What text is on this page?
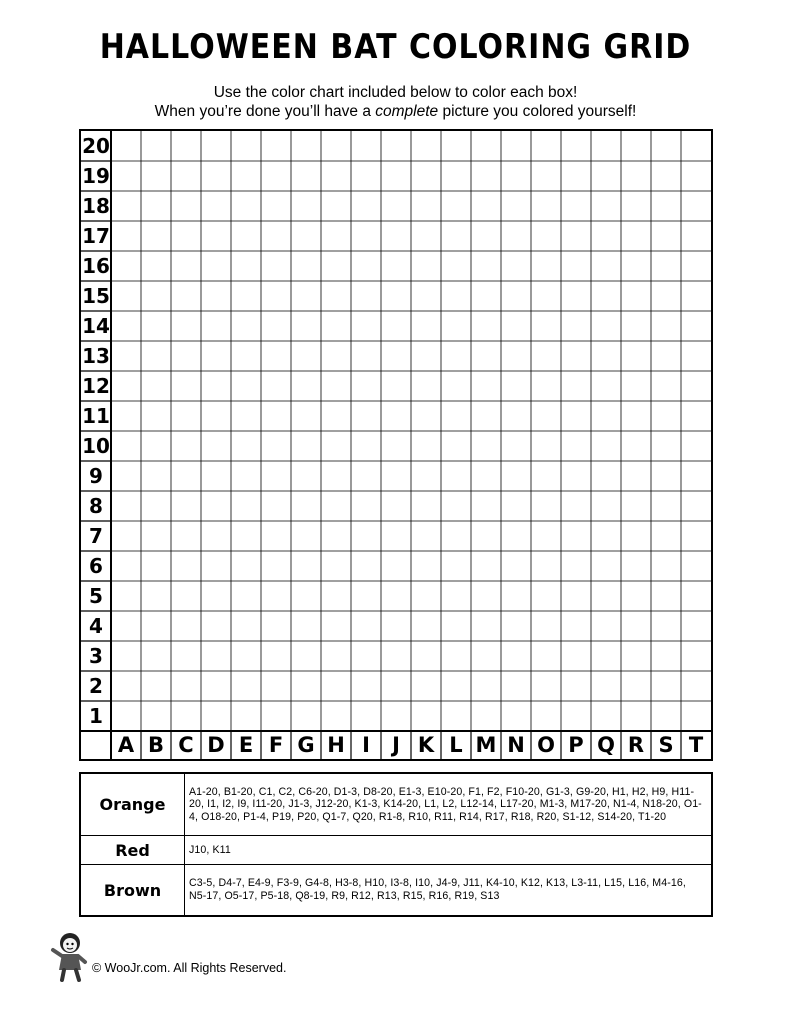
HALLOWEEN BAT COLORING GRID
Use the color chart included below to color each box!
When you’re done you’ll have a complete picture you colored yourself!
20
19
18
17
16
15
14
13
12
11
10
9
8
7
6
5
4
3
2
1
A B C D E F G H I	J K L M N O P Q R S T
Orange
A1-20, B1-20, C1, C2, C6-20, D1-3, D8-20, E1-3, E10-20, F1, F2, F10-20, G1-3, G9-20, H1, H2, H9, H11-20, I1, I2, I9, I11-20, J1-3, J12-20, K1-3, K14-20, L1, L2, L12-14, L17-20, M1-3, M17-20, N1-4, N18-20, O1-4, O18-20, P1-4, P19, P20, Q1-7, Q20, R1-8, R10, R11, R14, R17, R18, R20, S1-12, S14-20, T1-20
Red	J10, K11
Brown	C3-5, D4-7, E4-9, F3-9, G4-8, H3-8, H10, I3-8, I10, J4-9, J11, K4-10, K12, K13, L3-11, L15, L16, M4-16, N5-17, O5-17, P5-18, Q8-19, R9, R12, R13, R15, R16, R19, S13
© WooJr.com. All Rights Reserved.
